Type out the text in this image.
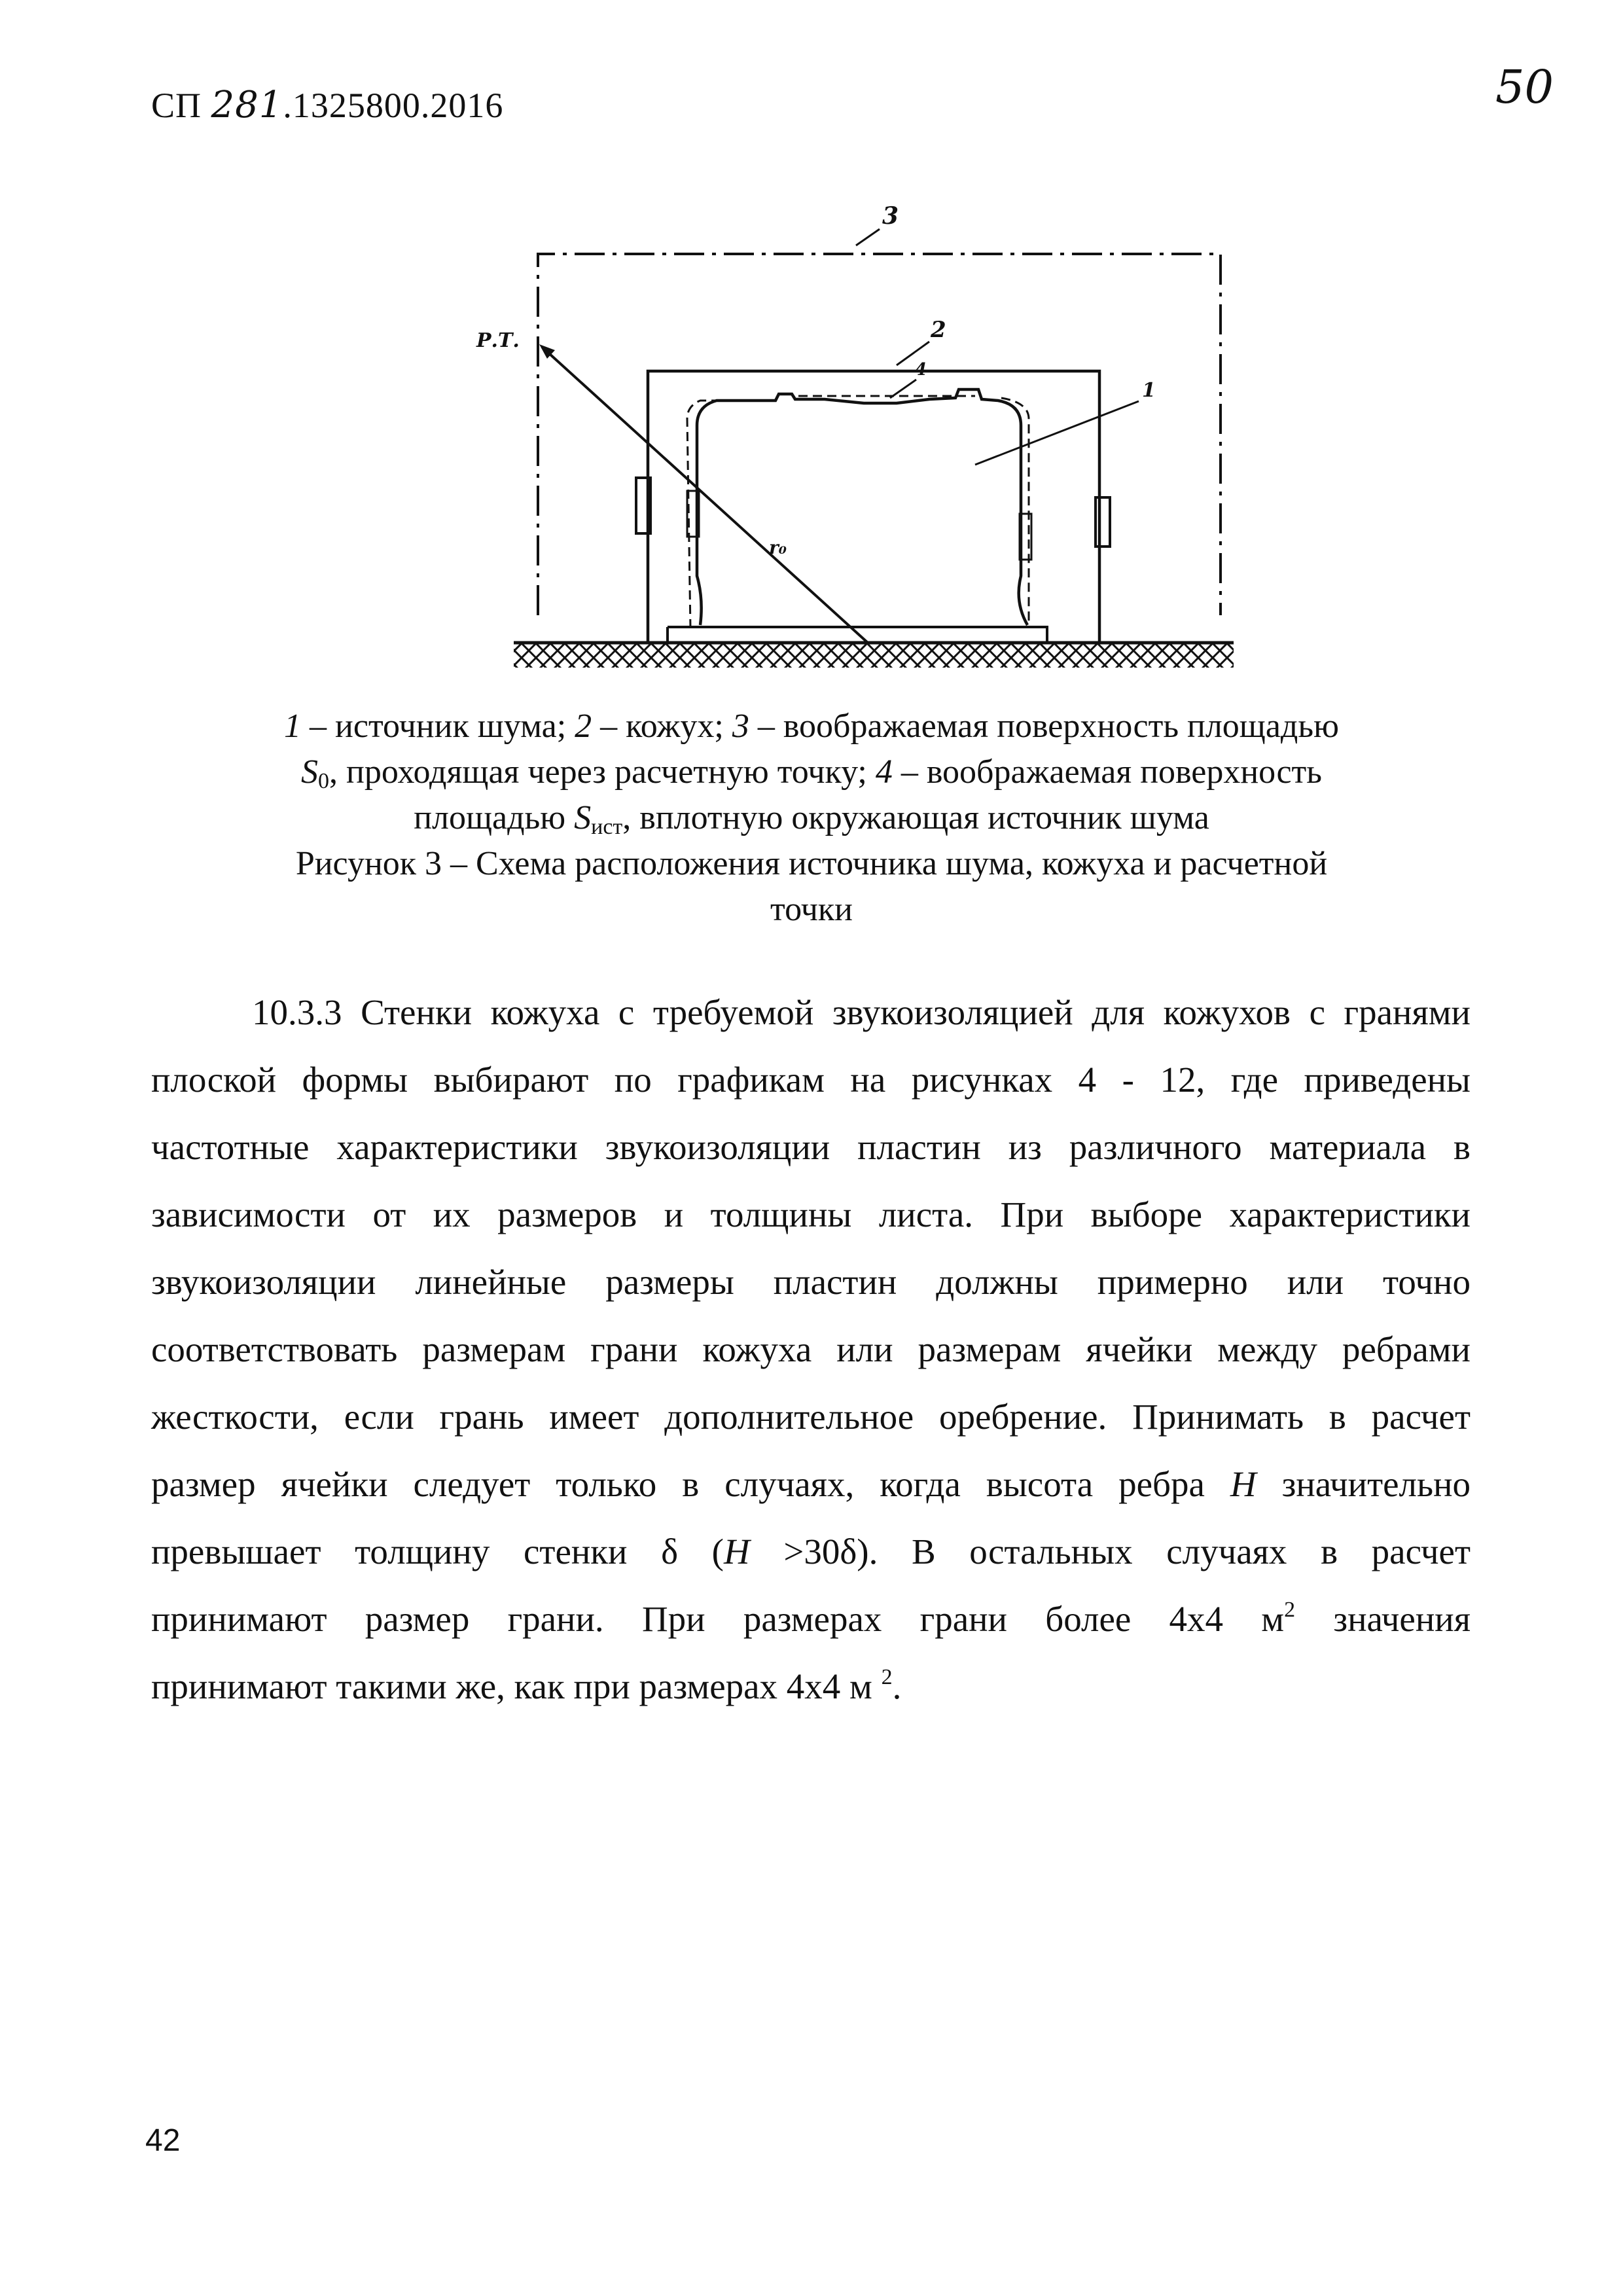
СП 281.1325800.2016	50
3
2
4
1
Р.Т.
r₀
1 – источник шума; 2 – кожух; 3 – воображаемая поверхность площадью
$S_0$, проходящая через расчетную точку; 4 – воображаемая поверхность
площадью $S_{ист}$, вплотную окружающая источник шума
Рисунок 3 – Схема расположения источника шума, кожуха и расчетной
точки
10.3.3 Стенки кожуха с требуемой звукоизоляцией для кожухов с гранями
плоской формы выбирают по графикам на рисунках 4 - 12, где приведены
частотные характеристики звукоизоляции пластин из различного материала в
зависимости от их размеров и толщины листа. При выборе характеристики
звукоизоляции линейные размеры пластин должны примерно или точно
соответствовать размерам грани кожуха или размерам ячейки между ребрами
жесткости, если грань имеет дополнительное оребрение. Принимать в расчет
размер ячейки следует только в случаях, когда высота ребра H значительно
превышает толщину стенки δ (H >30δ). В остальных случаях в расчет
принимают размер грани. При размерах грани более 4x4 $м^2$ значения
принимают такими же, как при размерах 4x4 м $^2$.
42
